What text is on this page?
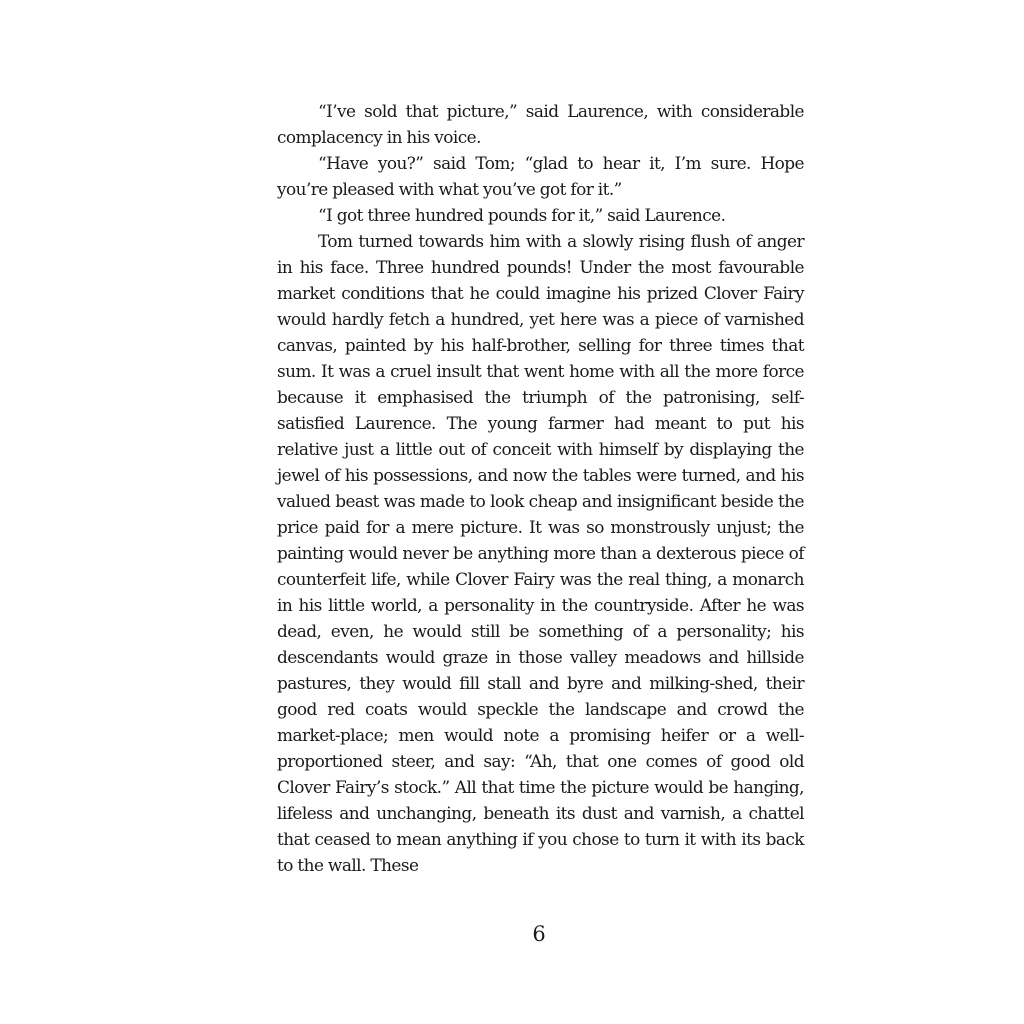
“I’ve sold that picture,” said Laurence, with considerable complacency in his voice.

“Have you?” said Tom; “glad to hear it, I’m sure. Hope you’re pleased with what you’ve got for it.”

“I got three hundred pounds for it,” said Laurence.

Tom turned towards him with a slowly rising flush of anger in his face. Three hundred pounds! Under the most favourable market conditions that he could imagine his prized Clover Fairy would hardly fetch a hundred, yet here was a piece of varnished canvas, painted by his half-brother, selling for three times that sum. It was a cruel insult that went home with all the more force because it emphasised the triumph of the patronising, self-satisfied Laurence. The young farmer had meant to put his relative just a little out of conceit with himself by displaying the jewel of his possessions, and now the tables were turned, and his valued beast was made to look cheap and insignificant beside the price paid for a mere picture. It was so monstrously unjust; the painting would never be anything more than a dexterous piece of counterfeit life, while Clover Fairy was the real thing, a monarch in his little world, a personality in the countryside. After he was dead, even, he would still be something of a personality; his descendants would graze in those valley meadows and hillside pastures, they would fill stall and byre and milking-shed, their good red coats would speckle the landscape and crowd the market-place; men would note a promising heifer or a well-proportioned steer, and say: “Ah, that one comes of good old Clover Fairy’s stock.” All that time the picture would be hanging, lifeless and unchanging, beneath its dust and varnish, a chattel that ceased to mean anything if you chose to turn it with its back to the wall. These

6
